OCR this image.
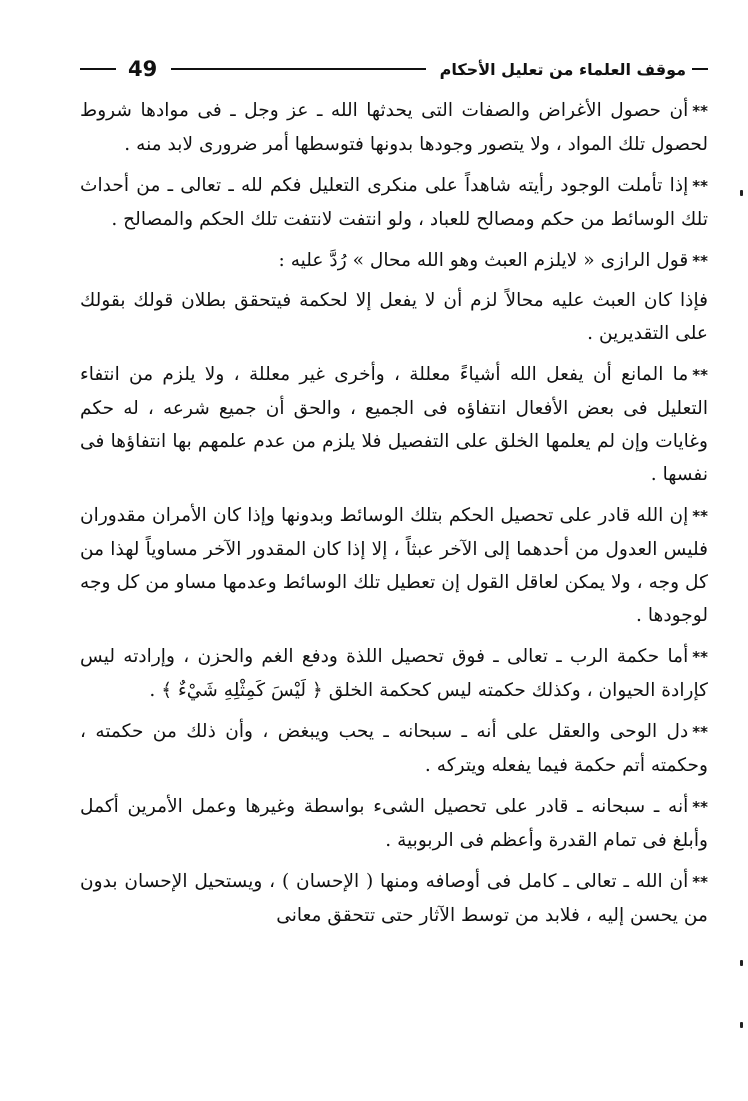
موقف العلماء من تعليل الأحكام
49

**أن حصول الأغراض والصفات التى يحدثها الله ـ عز وجل ـ فى موادها شروط لحصول تلك المواد ، ولا يتصور وجودها بدونها فتوسطها أمر ضرورى لابد منه .

**إذا تأملت الوجود رأيته شاهداً على منكرى التعليل فكم لله ـ تعالى ـ من أحداث تلك الوسائط من حكم ومصالح للعباد ، ولو انتفت لانتفت تلك الحكم والمصالح .

**قول الرازى « لايلزم العبث وهو الله محال » رُدَّ عليه :

فإذا كان العبث عليه محالاً لزم أن لا يفعل إلا لحكمة فيتحقق بطلان قولك بقولك على التقديرين .

**ما المانع أن يفعل الله أشياءً معللة ، وأخرى غير معللة ، ولا يلزم من انتفاء التعليل فى بعض الأفعال انتفاؤه فى الجميع ، والحق أن جميع شرعه ، له حكم وغايات وإن لم يعلمها الخلق على التفصيل فلا يلزم من عدم علمهم بها انتفاؤها فى نفسها .

**إن الله قادر على تحصيل الحكم بتلك الوسائط وبدونها وإذا كان الأمران مقدوران فليس العدول من أحدهما إلى الآخر عبثاً ، إلا إذا كان المقدور الآخر مساوياً لهذا من كل وجه ، ولا يمكن لعاقل القول إن تعطيل تلك الوسائط وعدمها مساو من كل وجه لوجودها .

**أما حكمة الرب ـ تعالى ـ فوق تحصيل اللذة ودفع الغم والحزن ، وإرادته ليس كإرادة الحيوان ، وكذلك حكمته ليس كحكمة الخلق ﴿ لَيْسَ كَمِثْلِهِ شَيْءٌ ﴾ .

**دل الوحى والعقل على أنه ـ سبحانه ـ يحب ويبغض ، وأن ذلك من حكمته ، وحكمته أتم حكمة فيما يفعله ويتركه .

**أنه ـ سبحانه ـ قادر على تحصيل الشىء بواسطة وغيرها وعمل الأمرين أكمل وأبلغ فى تمام القدرة وأعظم فى الربوبية .

**أن الله ـ تعالى ـ كامل فى أوصافه ومنها ( الإحسان ) ، ويستحيل الإحسان بدون من يحسن إليه ، فلابد من توسط الآثار حتى تتحقق معانى
